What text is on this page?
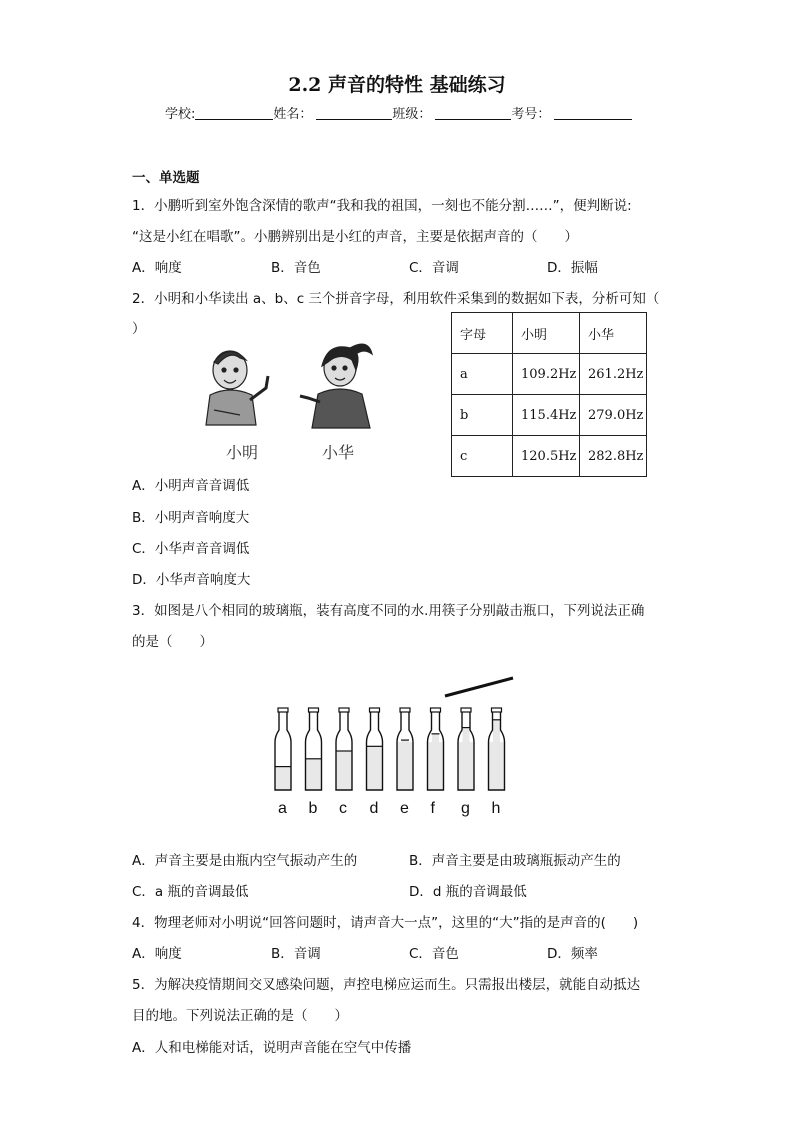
2.2 声音的特性 基础练习
学校:	姓名：	班级：	考号：
一、单选题
1．小鹏听到室外饱含深情的歌声“我和我的祖国，一刻也不能分割……”，便判断说:
“这是小红在唱歌”。小鹏辨别出是小红的声音，主要是依据声音的（　　）
A．响度	B．音色	C．音调	D．振幅
2．小明和小华读出 a、b、c 三个拼音字母，利用软件采集到的数据如下表，分析可知（
）
小明	小华
字母	小明	小华
a	109.2Hz	261.2Hz
b	115.4Hz	279.0Hz
c	120.5Hz	282.8Hz
A．小明声音音调低
B．小明声音响度大
C．小华声音音调低
D．小华声音响度大
3．如图是八个相同的玻璃瓶，装有高度不同的水.用筷子分别敲击瓶口，下列说法正确
的是（　　）
a b c d e f g h
A．声音主要是由瓶内空气振动产生的	B．声音主要是由玻璃瓶振动产生的
C．a 瓶的音调最低	D．d 瓶的音调最低
4．物理老师对小明说“回答问题时，请声音大一点”，这里的“大”指的是声音的(　　)
A．响度	B．音调	C．音色	D．频率
5．为解决疫情期间交叉感染问题，声控电梯应运而生。只需报出楼层，就能自动抵达
目的地。下列说法正确的是（　　）
A．人和电梯能对话，说明声音能在空气中传播
